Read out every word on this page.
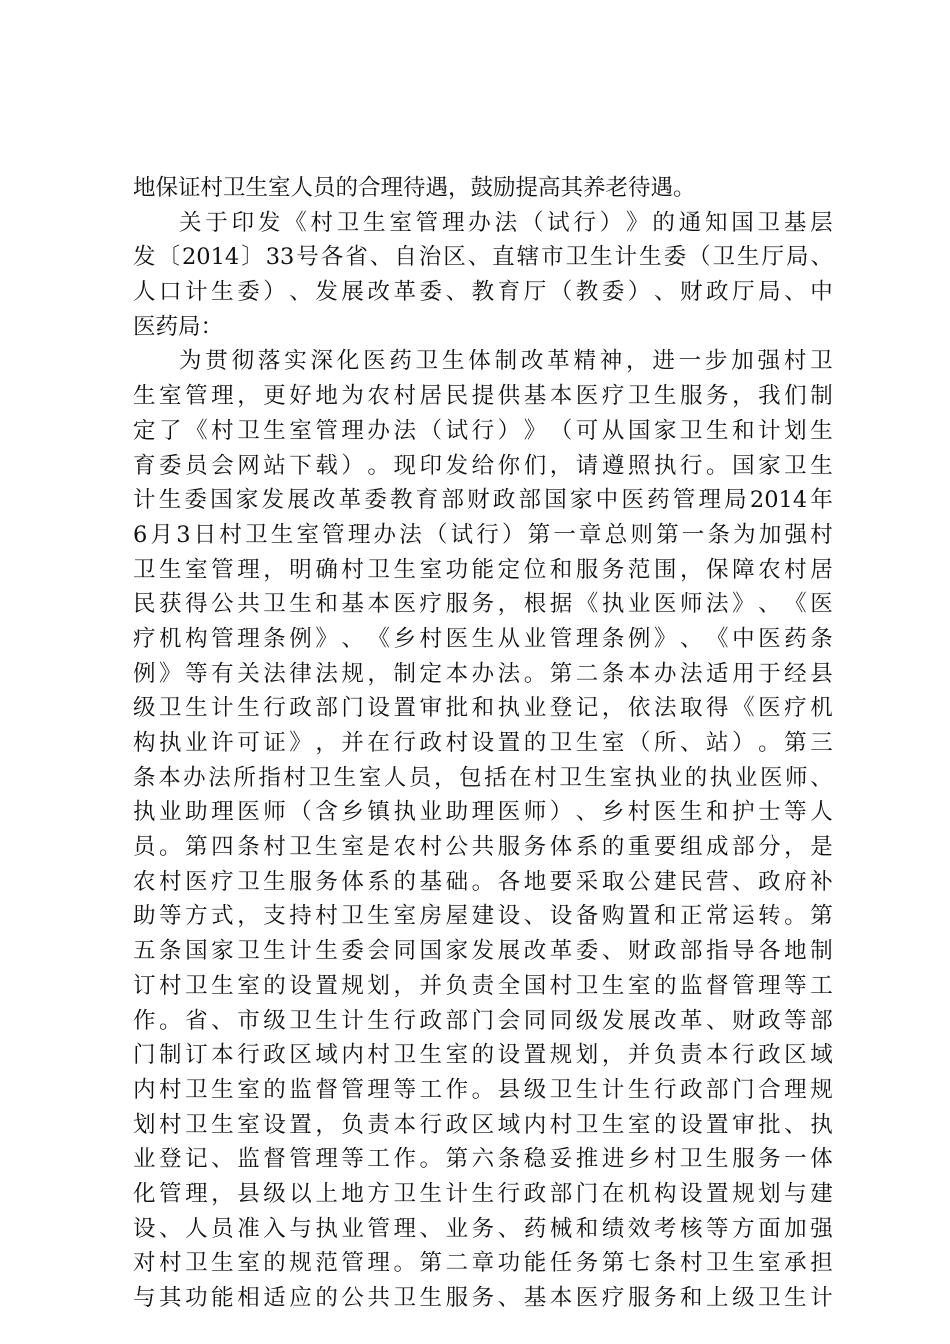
地保证村卫生室人员的合理待遇，鼓励提高其养老待遇。
关 于 印 发 《 村 卫 生 室 管 理 办 法 （ 试 行 ） 》 的 通 知 国 卫 基 层
发 〔 2014 〕 33 号 各 省 、 自 治 区 、 直 辖 市 卫 生 计 生 委 （ 卫 生 厅 局 、
人 口 计 生 委 ） 、 发 展 改 革 委 、 教 育 厅 （ 教 委 ） 、 财 政 厅 局 、 中
医药局：
为 贯 彻 落 实 深 化 医 药 卫 生 体 制 改 革 精 神 ， 进 一 步 加 强 村 卫
生 室 管 理 ， 更 好 地 为 农 村 居 民 提 供 基 本 医 疗 卫 生 服 务 ， 我 们 制
定 了 《 村 卫 生 室 管 理 办 法 （ 试 行 ） 》 （ 可 从 国 家 卫 生 和 计 划 生
育 委 员 会 网 站 下 载 ） 。 现 印 发 给 你 们 ， 请 遵 照 执 行 。 国 家 卫 生
计 生 委 国 家 发 展 改 革 委 教 育 部 财 政 部 国 家 中 医 药 管 理 局 2014 年
6 月 3 日 村 卫 生 室 管 理 办 法 （ 试 行 ） 第 一 章 总 则 第 一 条 为 加 强 村
卫 生 室 管 理 ， 明 确 村 卫 生 室 功 能 定 位 和 服 务 范 围 ， 保 障 农 村 居
民 获 得 公 共 卫 生 和 基 本 医 疗 服 务 ， 根 据 《 执 业 医 师 法 》 、 《 医
疗 机 构 管 理 条 例 》 、 《 乡 村 医 生 从 业 管 理 条 例 》 、 《 中 医 药 条
例 》 等 有 关 法 律 法 规 ， 制 定 本 办 法 。 第 二 条 本 办 法 适 用 于 经 县
级 卫 生 计 生 行 政 部 门 设 置 审 批 和 执 业 登 记 ， 依 法 取 得 《 医 疗 机
构 执 业 许 可 证 》 ， 并 在 行 政 村 设 置 的 卫 生 室 （ 所 、 站 ） 。 第 三
条 本 办 法 所 指 村 卫 生 室 人 员 ， 包 括 在 村 卫 生 室 执 业 的 执 业 医 师 、
执 业 助 理 医 师 （ 含 乡 镇 执 业 助 理 医 师 ） 、 乡 村 医 生 和 护 士 等 人
员 。 第 四 条 村 卫 生 室 是 农 村 公 共 服 务 体 系 的 重 要 组 成 部 分 ， 是
农 村 医 疗 卫 生 服 务 体 系 的 基 础 。 各 地 要 采 取 公 建 民 营 、 政 府 补
助 等 方 式 ， 支 持 村 卫 生 室 房 屋 建 设 、 设 备 购 置 和 正 常 运 转 。 第
五 条 国 家 卫 生 计 生 委 会 同 国 家 发 展 改 革 委 、 财 政 部 指 导 各 地 制
订 村 卫 生 室 的 设 置 规 划 ， 并 负 责 全 国 村 卫 生 室 的 监 督 管 理 等 工
作 。 省 、 市 级 卫 生 计 生 行 政 部 门 会 同 同 级 发 展 改 革 、 财 政 等 部
门 制 订 本 行 政 区 域 内 村 卫 生 室 的 设 置 规 划 ， 并 负 责 本 行 政 区 域
内 村 卫 生 室 的 监 督 管 理 等 工 作 。 县 级 卫 生 计 生 行 政 部 门 合 理 规
划 村 卫 生 室 设 置 ， 负 责 本 行 政 区 域 内 村 卫 生 室 的 设 置 审 批 、 执
业 登 记 、 监 督 管 理 等 工 作 。 第 六 条 稳 妥 推 进 乡 村 卫 生 服 务 一 体
化 管 理 ， 县 级 以 上 地 方 卫 生 计 生 行 政 部 门 在 机 构 设 置 规 划 与 建
设 、 人 员 准 入 与 执 业 管 理 、 业 务 、 药 械 和 绩 效 考 核 等 方 面 加 强
对 村 卫 生 室 的 规 范 管 理 。 第 二 章 功 能 任 务 第 七 条 村 卫 生 室 承 担
与 其 功 能 相 适 应 的 公 共 卫 生 服 务 、 基 本 医 疗 服 务 和 上 级 卫 生 计
